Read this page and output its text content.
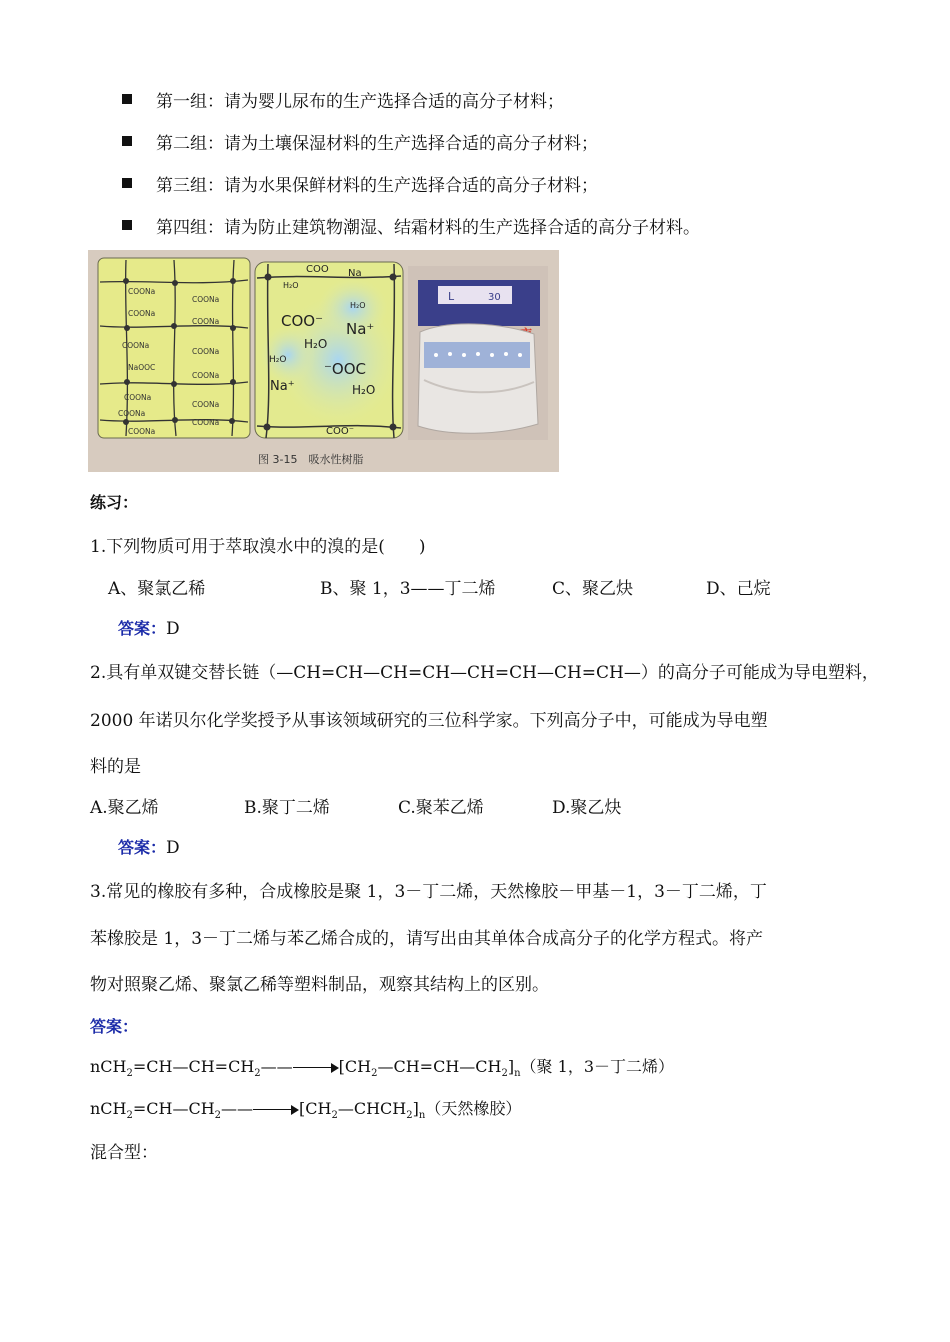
第一组：请为婴儿尿布的生产选择合适的高分子材料；
第二组：请为土壤保湿材料的生产选择合适的高分子材料；
第三组：请为水果保鲜材料的生产选择合适的高分子材料；
第四组：请为防止建筑物潮湿、结霜材料的生产选择合适的高分子材料。
COONa
COONa
COONa
COONa
COONa
COONa
NaOOC
COONa
COONa
COONa
COONa
COONa
COONa
COO Na
H₂O
H₂O
COO⁻ Na⁺
H₂O
H₂O	⁻OOC
Na⁺	H₂O
COO⁻
L	30
图 3-15　吸水性树脂
练习：
1.下列物质可用于萃取溴水中的溴的是(　　)
A、聚氯乙稀	B、聚 1，3——丁二烯	C、聚乙炔	D、己烷
答案：D
2.具有单双键交替长链（—CH=CH—CH=CH—CH=CH—CH=CH—）的高分子可能成为导电塑料，
2000 年诺贝尔化学奖授予从事该领域研究的三位科学家。下列高分子中，可能成为导电塑
料的是
A.聚乙烯	B.聚丁二烯	C.聚苯乙烯	D.聚乙炔
答案：D
3.常见的橡胶有多种，合成橡胶是聚 1，3－丁二烯，天然橡胶－甲基－1，3－丁二烯，丁
苯橡胶是 1，3－丁二烯与苯乙烯合成的，请写出由其单体合成高分子的化学方程式。将产
物对照聚乙烯、聚氯乙稀等塑料制品，观察其结构上的区别。
答案：
$nCH_2=CH—CH=CH_2——$	$[CH_2—CH=CH—CH_2]_n$（聚 1，3－丁二烯）
$nCH_2=CH—CH_2——$	$[CH_2—CHCH_2]_n$（天然橡胶）
混合型：
